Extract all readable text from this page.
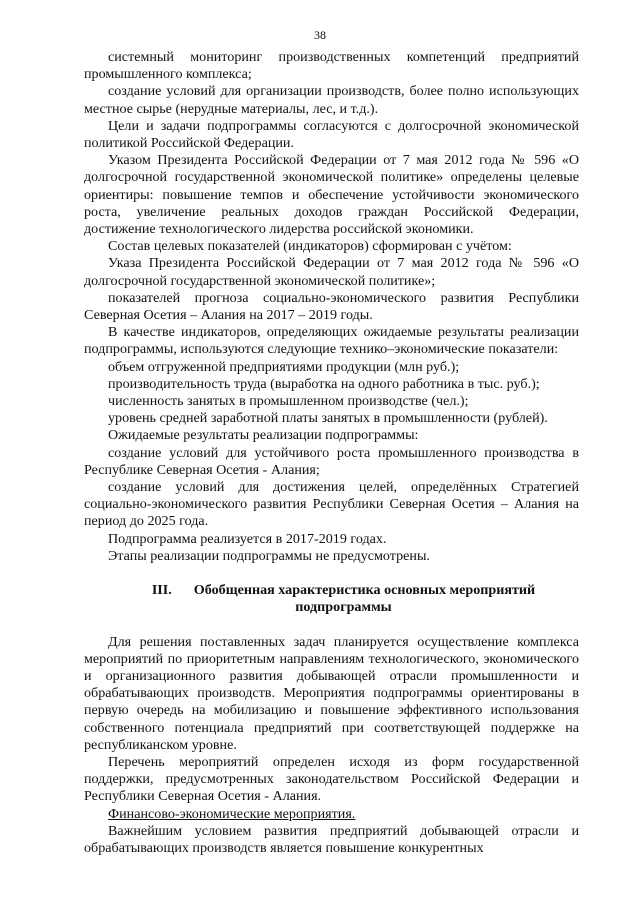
38

системный мониторинг производственных компетенций предприятий промышленного комплекса;

создание условий для организации производств, более полно использующих местное сырье (нерудные материалы, лес, и т.д.).

Цели и задачи подпрограммы согласуются с долгосрочной экономической политикой Российской Федерации.

Указом Президента Российской Федерации от 7 мая 2012 года № 596 «О долгосрочной государственной экономической политике» определены целевые ориентиры: повышение темпов и обеспечение устойчивости экономического роста, увеличение реальных доходов граждан Российской Федерации, достижение технологического лидерства российской экономики.

Состав целевых показателей (индикаторов) сформирован с учётом:

Указа Президента Российской Федерации от 7 мая 2012 года № 596 «О долгосрочной государственной экономической политике»;

показателей прогноза социально-экономического развития Республики Северная Осетия – Алания на 2017 – 2019 годы.

В качестве индикаторов, определяющих ожидаемые результаты реализации подпрограммы, используются следующие технико–экономические показатели:

объем отгруженной предприятиями продукции (млн руб.);

производительность труда (выработка на одного работника в тыс. руб.);

численность занятых в промышленном производстве (чел.);

уровень средней заработной платы занятых в промышленности (рублей).

Ожидаемые результаты реализации подпрограммы:

создание условий для устойчивого роста промышленного производства в Республике Северная Осетия - Алания;

создание условий для достижения целей, определённых Стратегией социально-экономического развития Республики Северная Осетия – Алания на период до 2025 года.

Подпрограмма реализуется в 2017-2019 годах.

Этапы реализации подпрограммы не предусмотрены.

III. Обобщенная характеристика основных мероприятий подпрограммы

Для решения поставленных задач планируется осуществление комплекса мероприятий по приоритетным направлениям технологического, экономического и организационного развития добывающей отрасли промышленности и обрабатывающих производств. Мероприятия подпрограммы ориентированы в первую очередь на мобилизацию и повышение эффективного использования собственного потенциала предприятий при соответствующей поддержке на республиканском уровне.

Перечень мероприятий определен исходя из форм государственной поддержки, предусмотренных законодательством Российской Федерации и Республики Северная Осетия - Алания.

Финансово-экономические мероприятия.

Важнейшим условием развития предприятий добывающей отрасли и обрабатывающих производств является повышение конкурентных
